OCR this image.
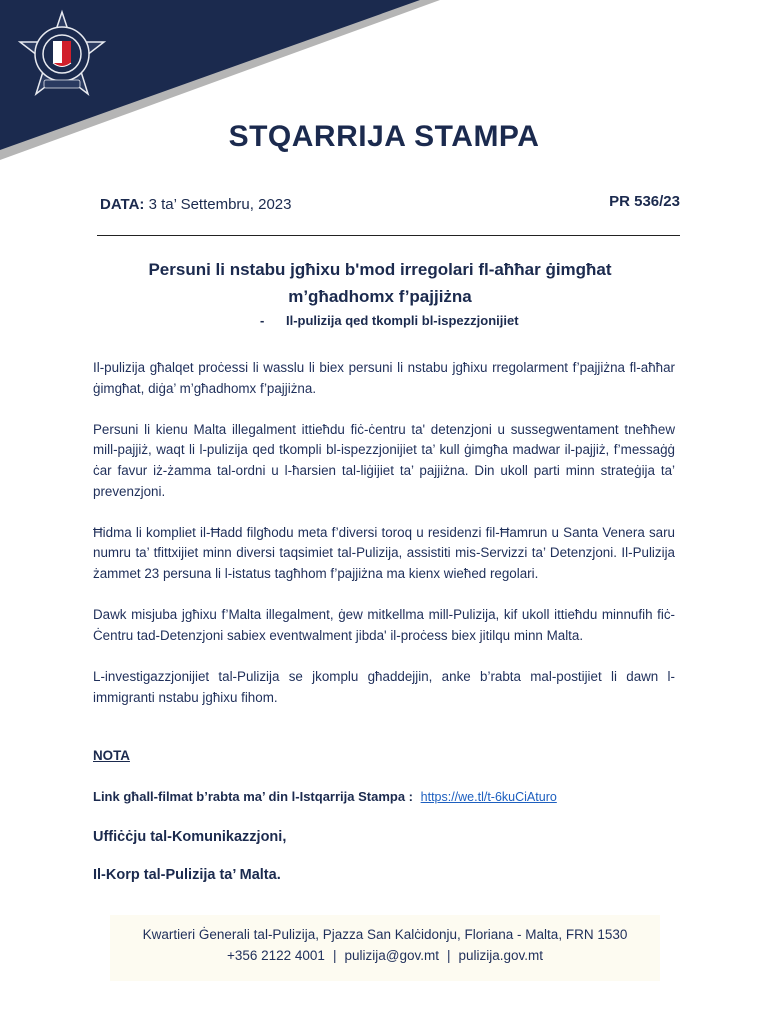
STQARRIJA STAMPA
DATA: 3 ta’ Settembru, 2023	PR 536/23
Persuni li nstabu jgħixu b'mod irregolari fl-aħħar ġimgħat
m’għadhomx f’pajjiżna
- Il-pulizija qed tkompli bl-ispezzjonijiet

Il-pulizija għalqet proċessi li wasslu li biex persuni li nstabu jgħixu rregolarment f’pajjiżna fl-aħħar ġimgħat, diġa’ m’għadhomx f’pajjiżna.

Persuni li kienu Malta illegalment ittieħdu fiċ-ċentru ta' detenzjoni u sussegwentament tneħħew mill-pajjiż, waqt li l-pulizija qed tkompli bl-ispezzjonijiet ta’ kull ġimgħa madwar il-pajjiż, f’messaġġ ċar favur iż-żamma tal-ordni u l-ħarsien tal-liġijiet ta’ pajjiżna. Din ukoll parti minn strateġija ta’ prevenzjoni.

Ħidma li kompliet il-Ħadd filgħodu meta f’diversi toroq u residenzi fil-Ħamrun u Santa Venera saru numru ta’ tfittxijiet minn diversi taqsimiet tal-Pulizija, assistiti mis-Servizzi ta’ Detenzjoni. Il-Pulizija żammet 23 persuna li l-istatus tagħhom f’pajjiżna ma kienx wieħed regolari.

Dawk misjuba jgħixu f’Malta illegalment, ġew mitkellma mill-Pulizija, kif ukoll ittieħdu minnufih fiċ-Ċentru tad-Detenzjoni sabiex eventwalment jibda' il-proċess biex jitilqu minn Malta.

L-investigazzjonijiet tal-Pulizija se jkomplu għaddejjin, anke b’rabta mal-postijiet li dawn l-immigranti nstabu jgħixu fihom.

NOTA
Link għall-filmat b’rabta ma’ din l-Istqarrija Stampa : https://we.tl/t-6kuCiAturo
Uffiċċju tal-Komunikazzjoni,
Il-Korp tal-Pulizija ta’ Malta.
Kwartieri Ġenerali tal-Pulizija, Pjazza San Kalċidonju, Floriana - Malta, FRN 1530
+356 2122 4001 | pulizija@gov.mt | pulizija.gov.mt
